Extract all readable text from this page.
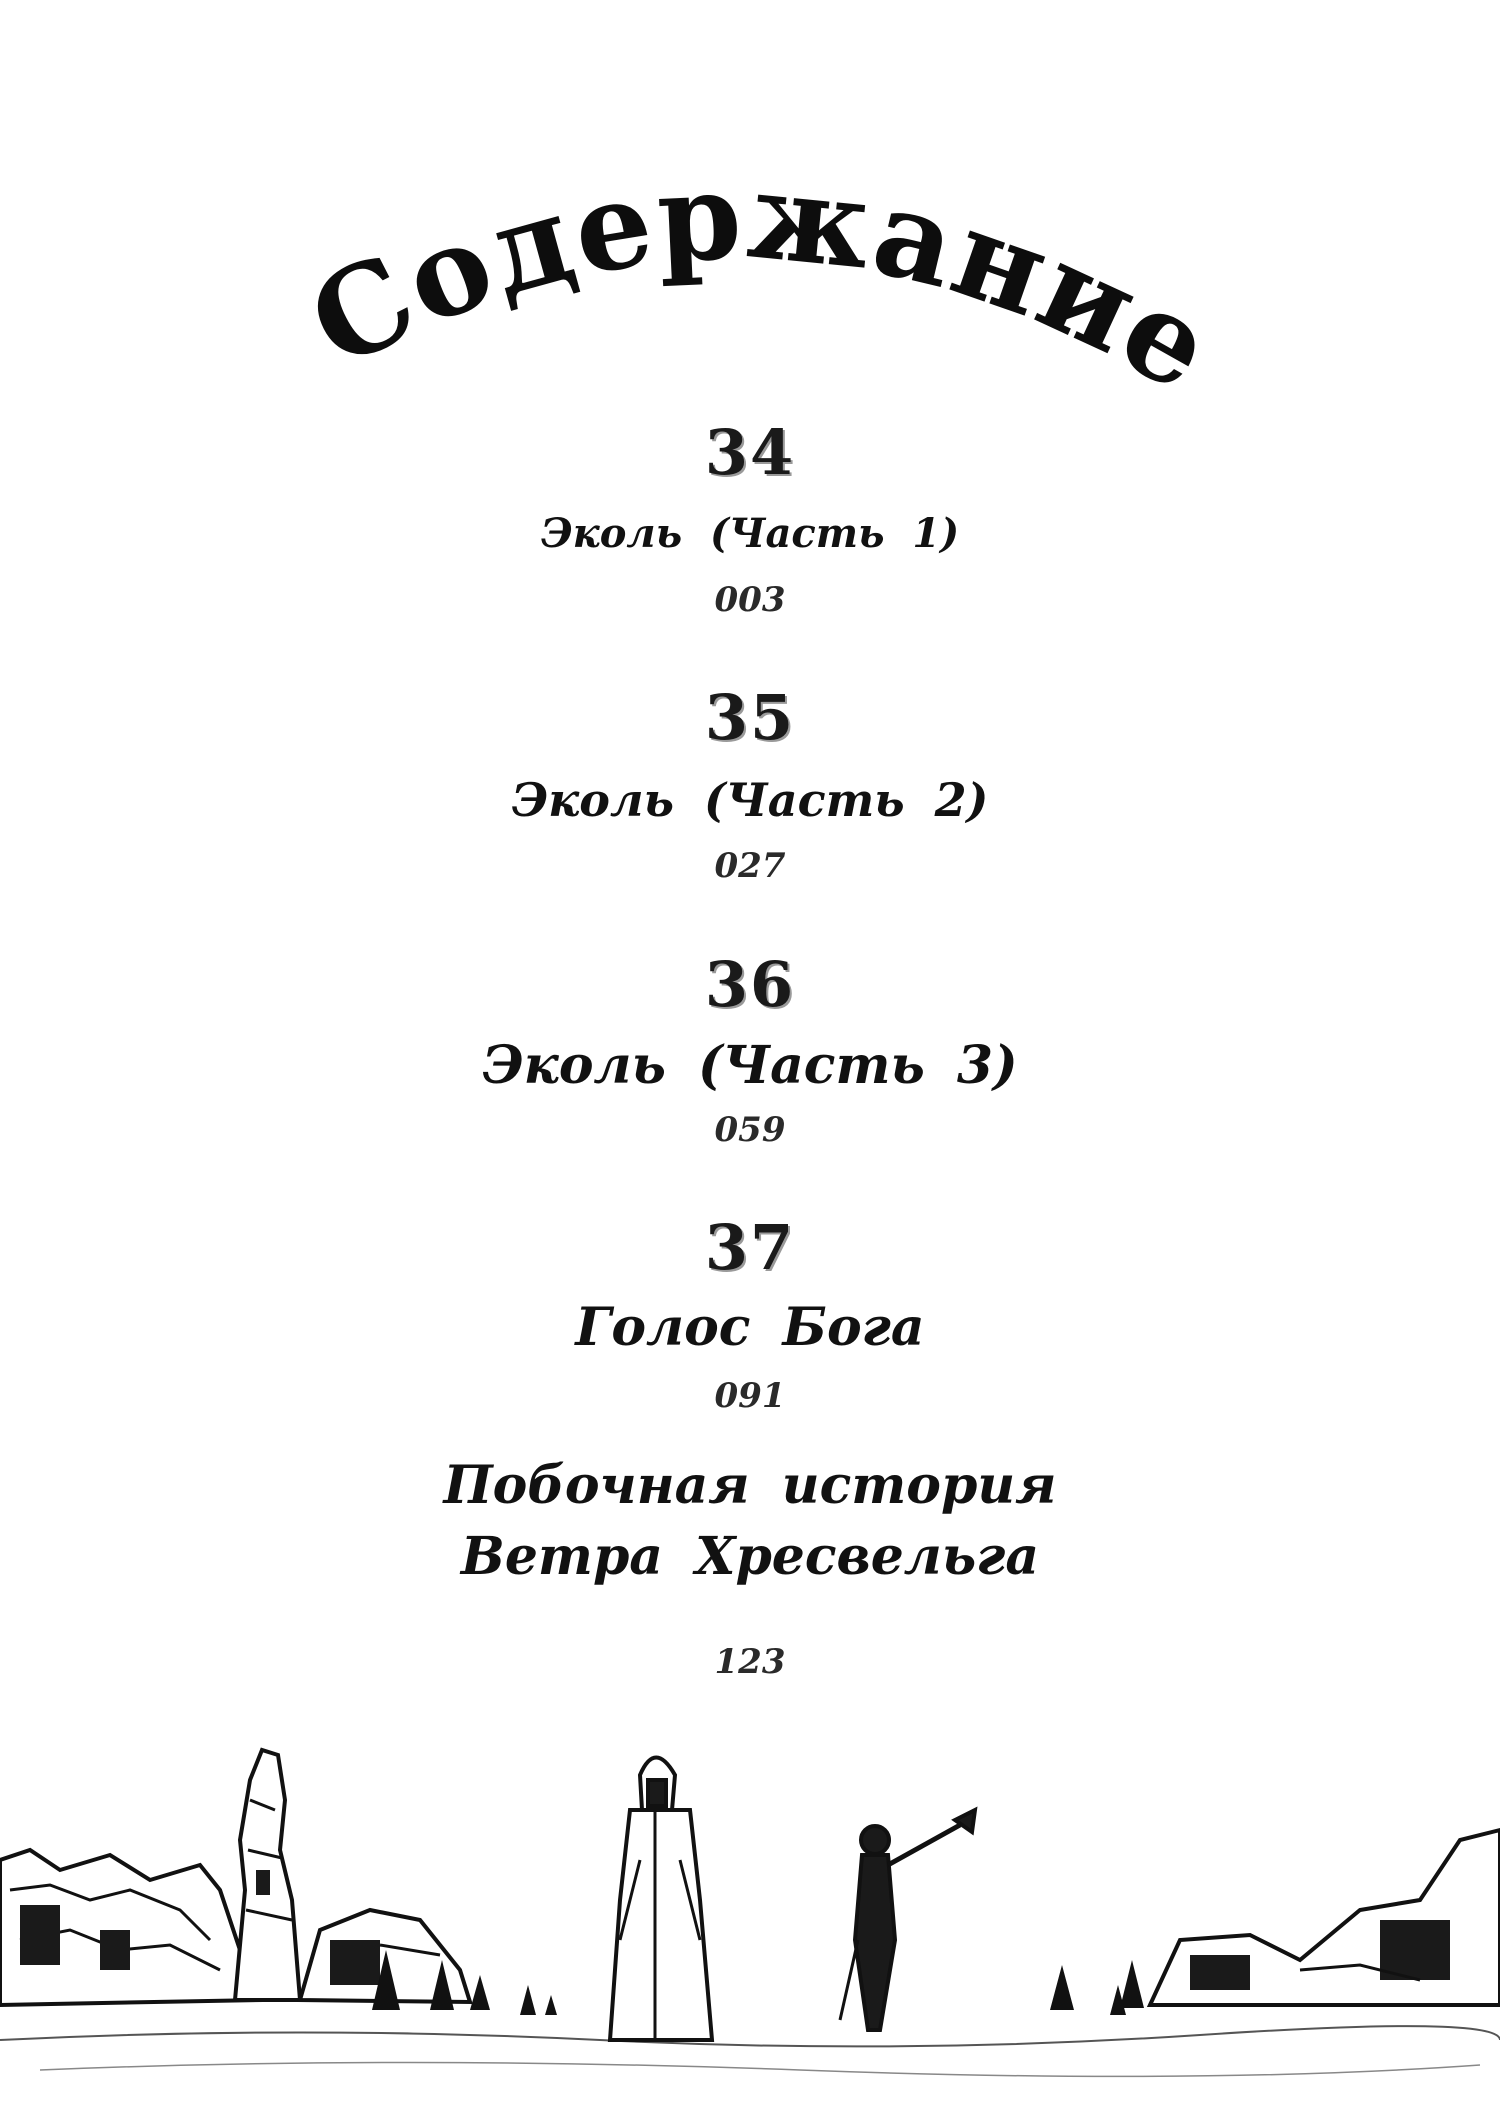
Содержание
34
Эколь (Часть 1)
003
35
Эколь (Часть 2)
027
36
Эколь (Часть 3)
059
37
Голос Бога
091
Побочная история
Ветра Хресвельга
123
